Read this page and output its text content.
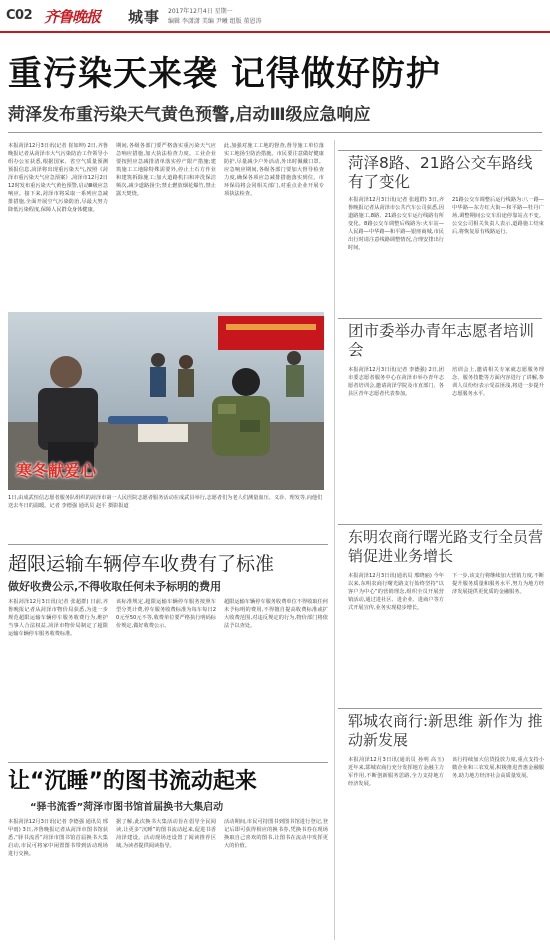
C02 齐鲁晚报 城事 2017年12月4日 星期一
编辑 李潇潇 美编 尹曦 组版 董恩涛
重污染天来袭 记得做好防护
菏泽发布重污染天气黄色预警,启动Ⅲ级应急响应
本报菏泽12月3日讯(记者 崔如坤) 2日,齐鲁晚报记者从菏泽市大气污染防治工作领导小组办公室获悉,根据国家、省空气质量预测预报信息,菏泽将出现重污染天气,按照《菏泽市重污染天气应急预案》,菏泽市12月2日12时发布重污染天气黄色预警,启动Ⅲ级应急响应。接下来,菏泽市将采取一系列应急减排措施,全面开展空气污染防治,尽最大努力降低污染程度,保障人民群众身体健康。
期间,各级各部门要严格落实重污染天气应急响应措施,加大执法检查力度。工业企业要按照应急减排清单落实停产限产措施;建筑施工工地除特殊需要外,停止土石方作业和建筑拆除施工;加大道路机扫和冲洗保洁频次,减少道路扬尘;禁止燃放烟花爆竹,禁止露天焚烧。
此,加强对施工工地的督查,督导施工单位落实工地扬尘防治措施。市民要注意做好健康防护,尽量减少户外活动,外出时佩戴口罩。应急响应期间,各级各部门要加大督导检查力度,确保各项应急减排措施落实到位。市环保局将会同相关部门,对重点企业开展专项执法检查。
寒冬献爱心
1日,由成武恒信志愿者服务队组织的菏泽市第一人民医院志愿者服务活动在成武县举行,志愿者们为老人们测量血压、义诊、理发等,向他们送去冬日的温暖。记者 李德强 通讯员 赵平 摄影报道
菏泽8路、21路公交车路线有了变化
本报菏泽12月3日讯(记者 张超群) 3日,齐鲁晚报记者从菏泽市公共汽车公司获悉,因道路施工,8路、21路公交车运行线路有所变化。8路公交车调整后线路为:火车站—人民路—中华路—和平路—银座商城,市民出行时请注意线路调整情况,合理安排出行时间。
21路公交车调整后运行线路为:八一路—中华路—东方红大街—和平路—牡丹广场,调整期间公交车沿途停靠站点不变。公交公司相关负责人表示,道路施工结束后,将恢复原有线路运行。
团市委举办青年志愿者培训会
本报菏泽12月3日讯(记者 李德强) 2日,团市委志愿者服务中心在菏泽市举办青年志愿者培训会,邀请菏泽学院及市直部门、各县区青年志愿者代表参加。
培训会上,邀请相关专家就志愿服务理念、服务技能等方面内容进行了讲解,参训人员纷纷表示受益匪浅,将进一步提升志愿服务水平。
东明农商行曙光路支行全员营销促进业务增长
本报菏泽12月3日讯(通讯员 邢晓丽) 今年以来,东明农商行曙光路支行始终坚持“以客户为中心”的营销理念,组织全员开展营销活动,通过进社区、进企业、进商户等方式开展宣传,业务实现稳步增长。
下一步,该支行将继续加大营销力度,不断提升服务质量和服务水平,努力为地方经济发展提供更优质的金融服务。
郓城农商行:新思维 新作为 推动新发展
本报菏泽12月3日讯(通讯员 孙明 高玉) 近年来,郓城农商行充分发挥地方金融主力军作用,不断创新服务思路,全力支持地方经济发展。
该行持续加大信贷投放力度,重点支持小微企业和三农发展,积极推进普惠金融服务,助力地方经济社会高质量发展。
超限运输车辆停车收费有了标准
做好收费公示,不得收取任何未予标明的费用
本报菏泽12月3日讯(记者 张超群) 日前,齐鲁晚报记者从菏泽市物价局获悉,为进一步规范超限运输车辆停车服务收费行为,维护当事人合法权益,菏泽市物价局制定了超限运输车辆停车服务收费标准。
该标准规定,超限运输车辆停车服务按照车型分类计费,停车服务收费标准为每车每日20元至50元不等,收费单位要严格执行明码标价规定,做好收费公示。
超限运输车辆停车服务收费单位不得收取任何未予标明的费用,不得擅自提高收费标准或扩大收费范围,对违反规定的行为,物价部门将依法予以查处。
让“沉睡”的图书流动起来
“驿书流香”菏泽市图书馆首届换书大集启动
本报菏泽12月3日讯(记者 李德强 通讯员 邢甲雨) 3日,齐鲁晚报记者从菏泽市图书馆获悉,“驿书流香”菏泽市图书馆首届换书大集启动,市民可将家中闲置图书带到活动现场进行交换。
据了解,此次换书大集活动旨在倡导全民阅读,让更多“沉睡”的图书流动起来,促进书香菏泽建设。活动现场还设置了阅读推荐区域,为读者提供阅读指导。
活动期间,市民可持图书到图书馆进行登记,登记后即可获得相应的换书券,凭换书券在现场换取自己喜欢的图书,让图书在流动中发挥更大的价值。
